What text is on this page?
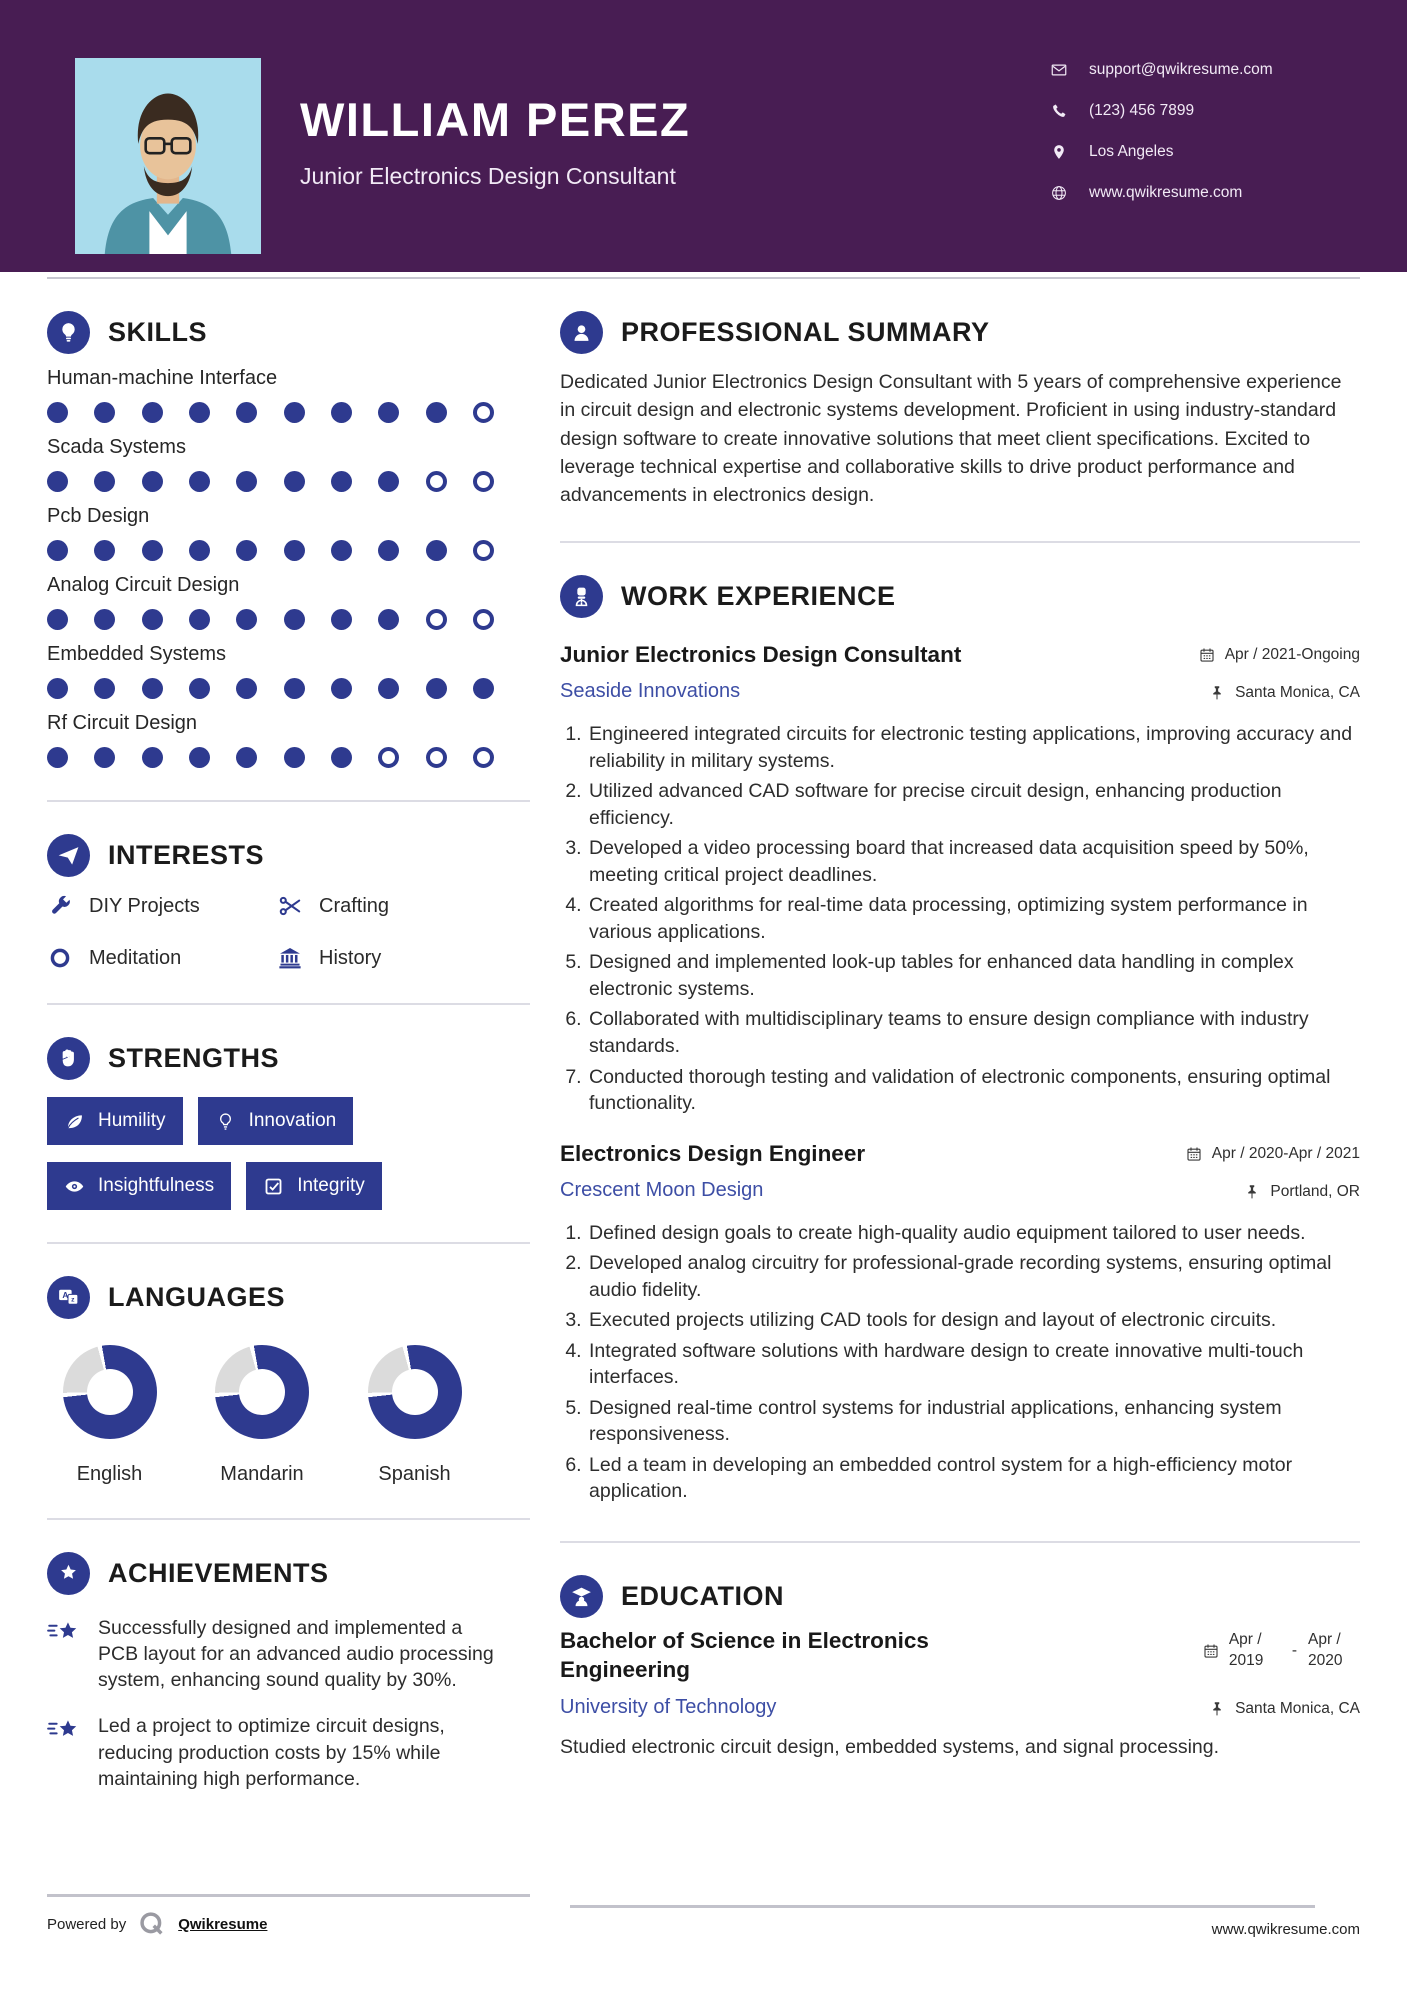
WILLIAM PEREZ
Junior Electronics Design Consultant
support@qwikresume.com
(123) 456 7899
Los Angeles
www.qwikresume.com
SKILLS
Human-machine Interface
Scada Systems
Pcb Design
Analog Circuit Design
Embedded Systems
Rf Circuit Design
INTERESTS
DIY Projects	Crafting
Meditation	History
STRENGTHS
Humility	Innovation
Insightfulness	Integrity
A
z LANGUAGES
English	Mandarin	Spanish
ACHIEVEMENTS
Successfully designed and implemented a PCB layout for an advanced audio processing system, enhancing sound quality by 30%.
Led a project to optimize circuit designs, reducing production costs by 15% while maintaining high performance.
Powered by	Qwikresume
PROFESSIONAL SUMMARY

Dedicated Junior Electronics Design Consultant with 5 years of comprehensive experience in circuit design and electronic systems development. Proficient in using industry-standard design software to create innovative solutions that meet client specifications. Excited to leverage technical expertise and collaborative skills to drive product performance and advancements in electronics design.

WORK EXPERIENCE
Junior Electronics Design Consultant	Apr / 2021-Ongoing
Seaside Innovations	Santa Monica, CA
1. Engineered integrated circuits for electronic testing applications, improving accuracy and reliability in military systems.
2. Utilized advanced CAD software for precise circuit design, enhancing production efficiency.
3. Developed a video processing board that increased data acquisition speed by 50%, meeting critical project deadlines.
4. Created algorithms for real-time data processing, optimizing system performance in various applications.
5. Designed and implemented look-up tables for enhanced data handling in complex electronic systems.
6. Collaborated with multidisciplinary teams to ensure design compliance with industry standards.
7. Conducted thorough testing and validation of electronic components, ensuring optimal functionality.
Electronics Design Engineer	Apr / 2020-Apr / 2021
Crescent Moon Design	Portland, OR
1. Defined design goals to create high-quality audio equipment tailored to user needs.
2. Developed analog circuitry for professional-grade recording systems, ensuring optimal audio fidelity.
3. Executed projects utilizing CAD tools for design and layout of electronic circuits.
4. Integrated software solutions with hardware design to create innovative multi-touch interfaces.
5. Designed real-time control systems for industrial applications, enhancing system responsiveness.
6. Led a team in developing an embedded control system for a high-efficiency motor application.
EDUCATION
Bachelor of Science in Electronics Engineering
Apr / 2019
-
Apr / 2020
University of Technology	Santa Monica, CA

Studied electronic circuit design, embedded systems, and signal processing.

www.qwikresume.com
